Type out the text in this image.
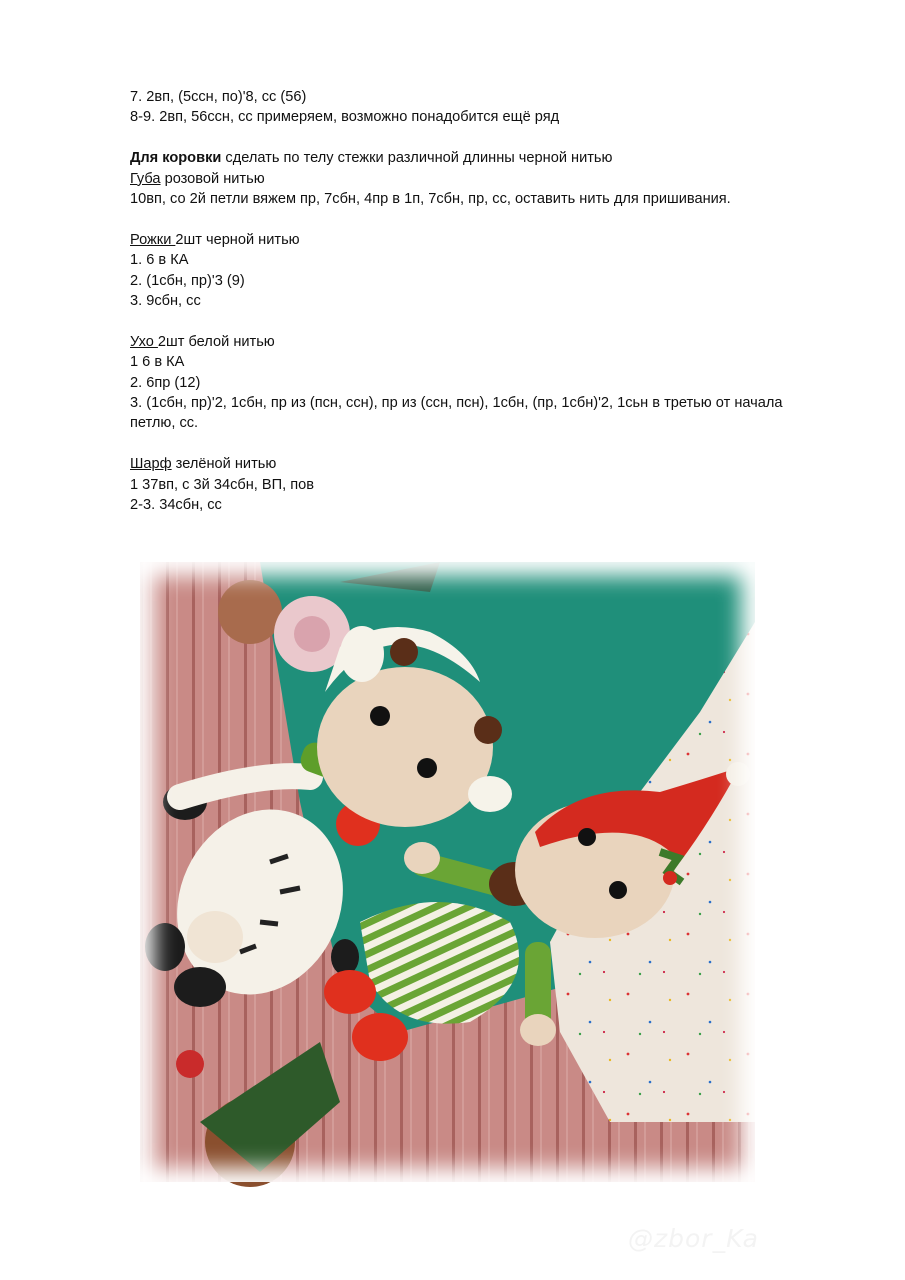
7. 2вп, (5ссн, по)'8, сс (56)

8-9. 2вп, 56ссн, сс примеряем, возможно понадобится ещё ряд

Для коровки сделать по телу стежки различной длинны черной нитью

Губа розовой нитью

10вп, со 2й петли вяжем пр, 7сбн, 4пр в 1п, 7сбн, пр, сс, оставить нить для пришивания.

Рожки 2шт черной нитью

1. 6 в КА

2. (1сбн, пр)'3 (9)

3. 9сбн, сс

Ухо 2шт белой нитью

1 6 в КА

2. 6пр (12)

3. (1сбн, пр)'2, 1сбн, пр из (псн, ссн), пр из (ссн, псн), 1сбн, (пр, 1сбн)'2, 1сьн в третью от начала петлю, сс.

Шарф зелёной нитью

1 37вп, с 3й 34сбн, ВП, пов

2-3. 34сбн, сс

@zbor_Ka
